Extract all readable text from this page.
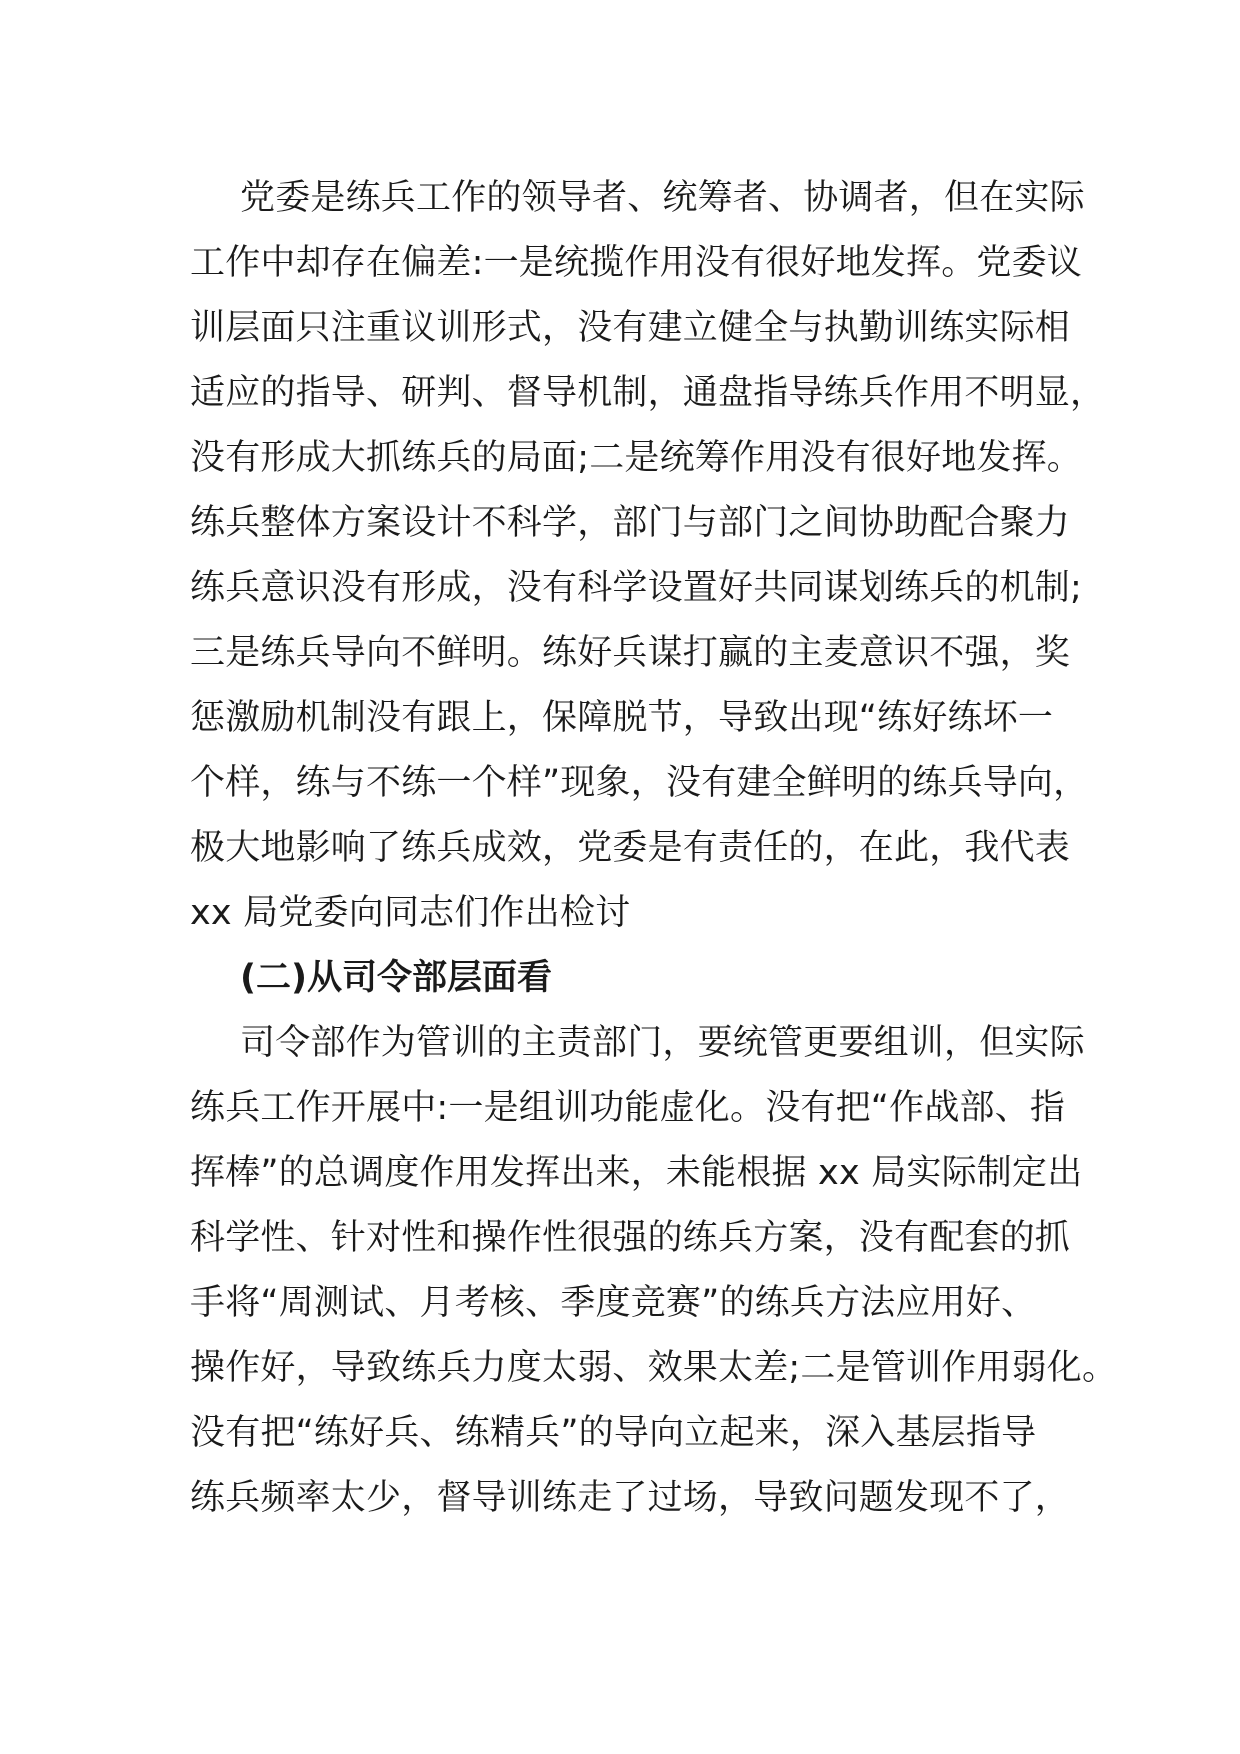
党委是练兵工作的领导者、统筹者、协调者，但在实际
工作中却存在偏差:一是统揽作用没有很好地发挥。党委议
训层面只注重议训形式，没有建立健全与执勤训练实际相
适应的指导、研判、督导机制，通盘指导练兵作用不明显，
没有形成大抓练兵的局面;二是统筹作用没有很好地发挥。
练兵整体方案设计不科学，部门与部门之间协助配合聚力
练兵意识没有形成，没有科学设置好共同谋划练兵的机制;
三是练兵导向不鲜明。练好兵谋打赢的主麦意识不强，奖
惩激励机制没有跟上，保障脱节，导致出现“练好练坏一
个样，练与不练一个样”现象，没有建全鲜明的练兵导向，
极大地影响了练兵成效，党委是有责任的，在此，我代表
xx 局党委向同志们作出检讨
(二)从司令部层面看
司令部作为管训的主责部门，要统管更要组训，但实际
练兵工作开展中:一是组训功能虚化。没有把“作战部、指
挥棒”的总调度作用发挥出来，未能根据 xx 局实际制定出
科学性、针对性和操作性很强的练兵方案，没有配套的抓
手将“周测试、月考核、季度竞赛”的练兵方法应用好、
操作好，导致练兵力度太弱、效果太差;二是管训作用弱化。
没有把“练好兵、练精兵”的导向立起来，深入基层指导
练兵频率太少，督导训练走了过场，导致问题发现不了，
